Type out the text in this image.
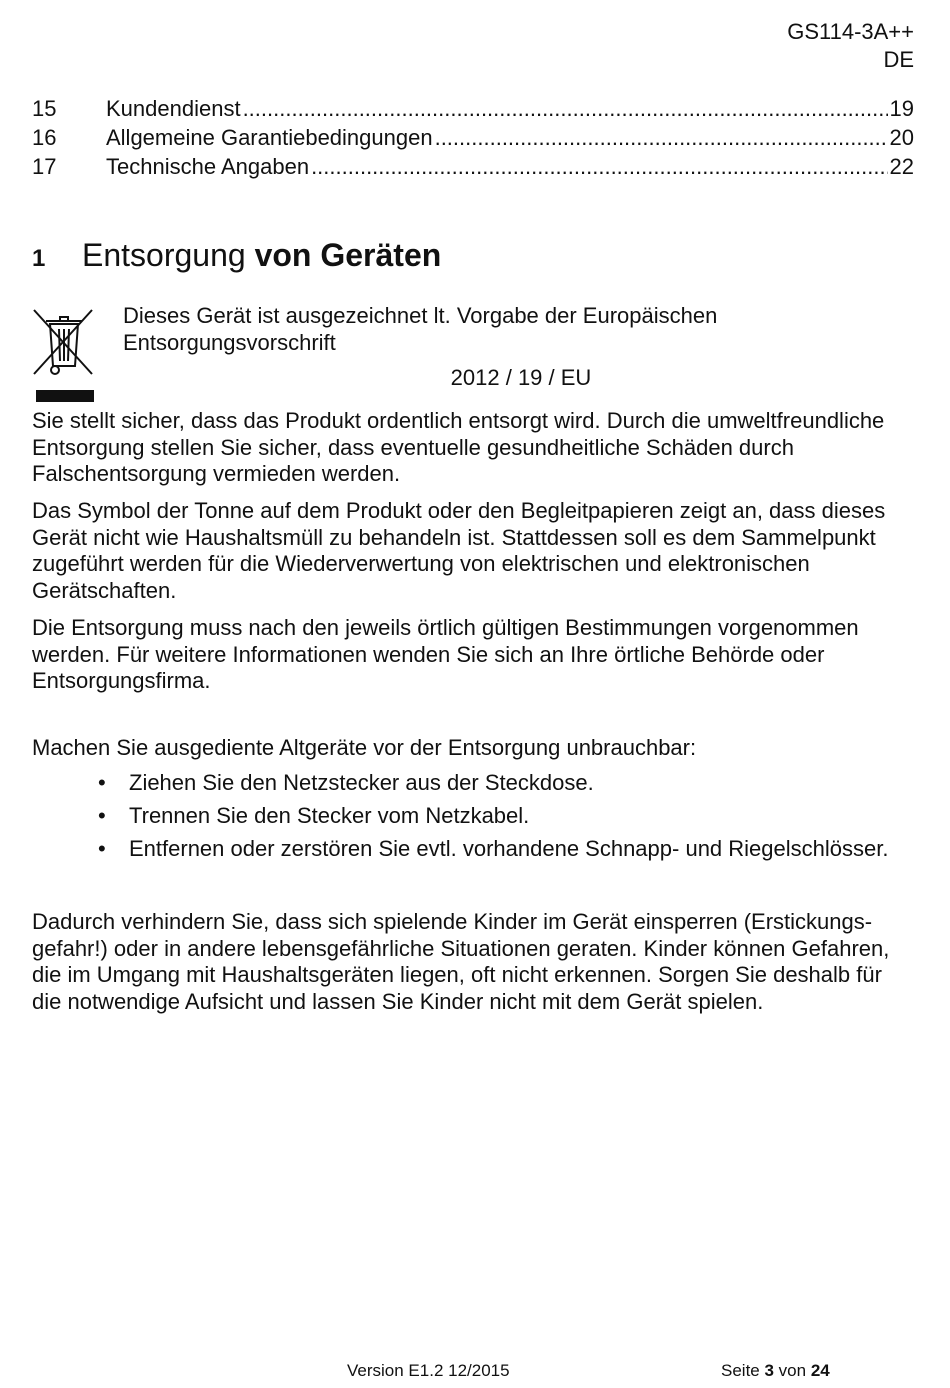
GS114-3A++
DE
15	Kundendienst .....	19
16	Allgemeine Garantiebedingungen .....	20
17	Technische Angaben .....	22
1	Entsorgung von Geräten
Dieses Gerät ist ausgezeichnet lt. Vorgabe der Europäischen
Entsorgungsvorschrift
2012 / 19 / EU

Sie stellt sicher, dass das Produkt ordentlich entsorgt wird. Durch die umweltfreundliche Entsorgung stellen Sie sicher, dass eventuelle gesundheitliche Schäden durch Falschentsorgung vermieden werden.

Das Symbol der Tonne auf dem Produkt oder den Begleitpapieren zeigt an, dass dieses Gerät nicht wie Haushaltsmüll zu behandeln ist. Stattdessen soll es dem Sammelpunkt zugeführt werden für die Wiederverwertung von elektrischen und elektronischen Gerätschaften.

Die Entsorgung muss nach den jeweils örtlich gültigen Bestimmungen vorgenommen werden. Für weitere Informationen wenden Sie sich an Ihre örtliche Behörde oder Entsorgungsfirma.

Machen Sie ausgediente Altgeräte vor der Entsorgung unbrauchbar:

• Ziehen Sie den Netzstecker aus der Steckdose.
• Trennen Sie den Stecker vom Netzkabel.
• Entfernen oder zerstören Sie evtl. vorhandene Schnapp- und Riegelschlösser.

Dadurch verhindern Sie, dass sich spielende Kinder im Gerät einsperren (Erstickungs-gefahr!) oder in andere lebensgefährliche Situationen geraten. Kinder können Gefahren, die im Umgang mit Haushaltsgeräten liegen, oft nicht erkennen. Sorgen Sie deshalb für die notwendige Aufsicht und lassen Sie Kinder nicht mit dem Gerät spielen.

Version E1.2 12/2015	Seite 3 von 24
